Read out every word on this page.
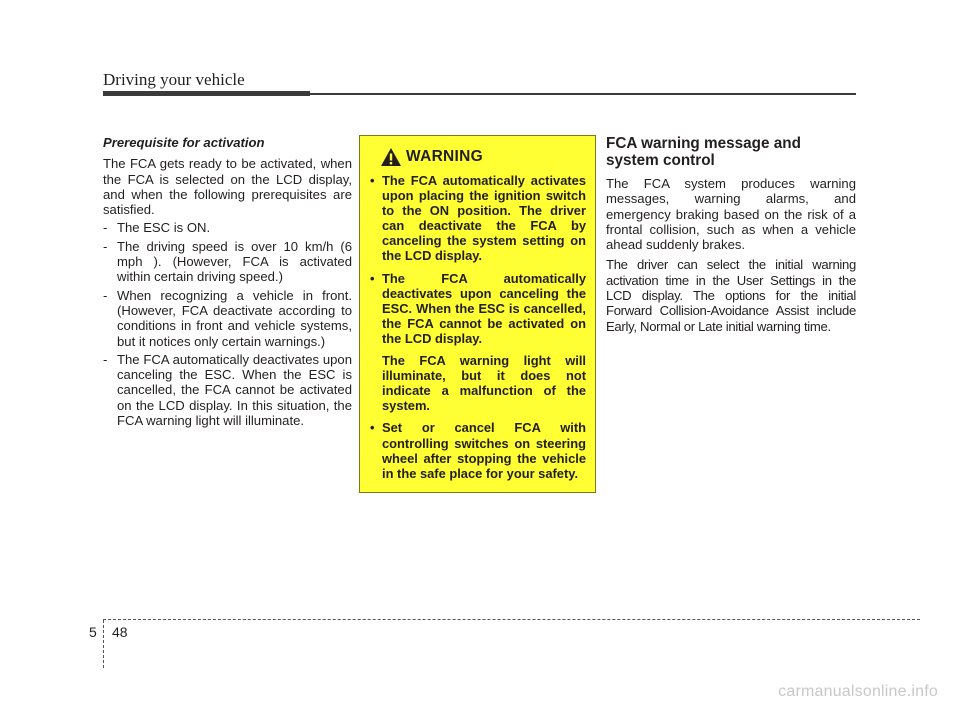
Driving your vehicle

Prerequisite for activation

The FCA gets ready to be activated, when the FCA is selected on the LCD display, and when the following prerequisites are satisfied.

- The ESC is ON.
- The driving speed is over 10 km/h (6 mph ). (However, FCA is activated within certain driving speed.)
- When recognizing a vehicle in front. (However, FCA deactivate according to conditions in front and vehicle systems, but it notices only certain warnings.)
- The FCA automatically deactivates upon canceling the ESC. When the ESC is cancelled, the FCA cannot be activated on the LCD display. In this situation, the FCA warning light will illuminate.
WARNING
• The FCA automatically activates upon placing the ignition switch to the ON position. The driver can deactivate the FCA by canceling the system setting on the LCD display.
• The FCA automatically deactivates upon canceling the ESC. When the ESC is cancelled, the FCA cannot be activated on the LCD display.
The FCA warning light will illuminate, but it does not indicate a malfunction of the system.
• Set or cancel FCA with controlling switches on steering wheel after stopping the vehicle in the safe place for your safety.

FCA warning message and system control

The FCA system produces warning messages, warning alarms, and emergency braking based on the risk of a frontal collision, such as when a vehicle ahead suddenly brakes.

The driver can select the initial warning activation time in the User Settings in the LCD display. The options for the initial Forward Collision-Avoidance Assist include Early, Normal or Late initial warning time.

5 48
carmanualsonline.info
